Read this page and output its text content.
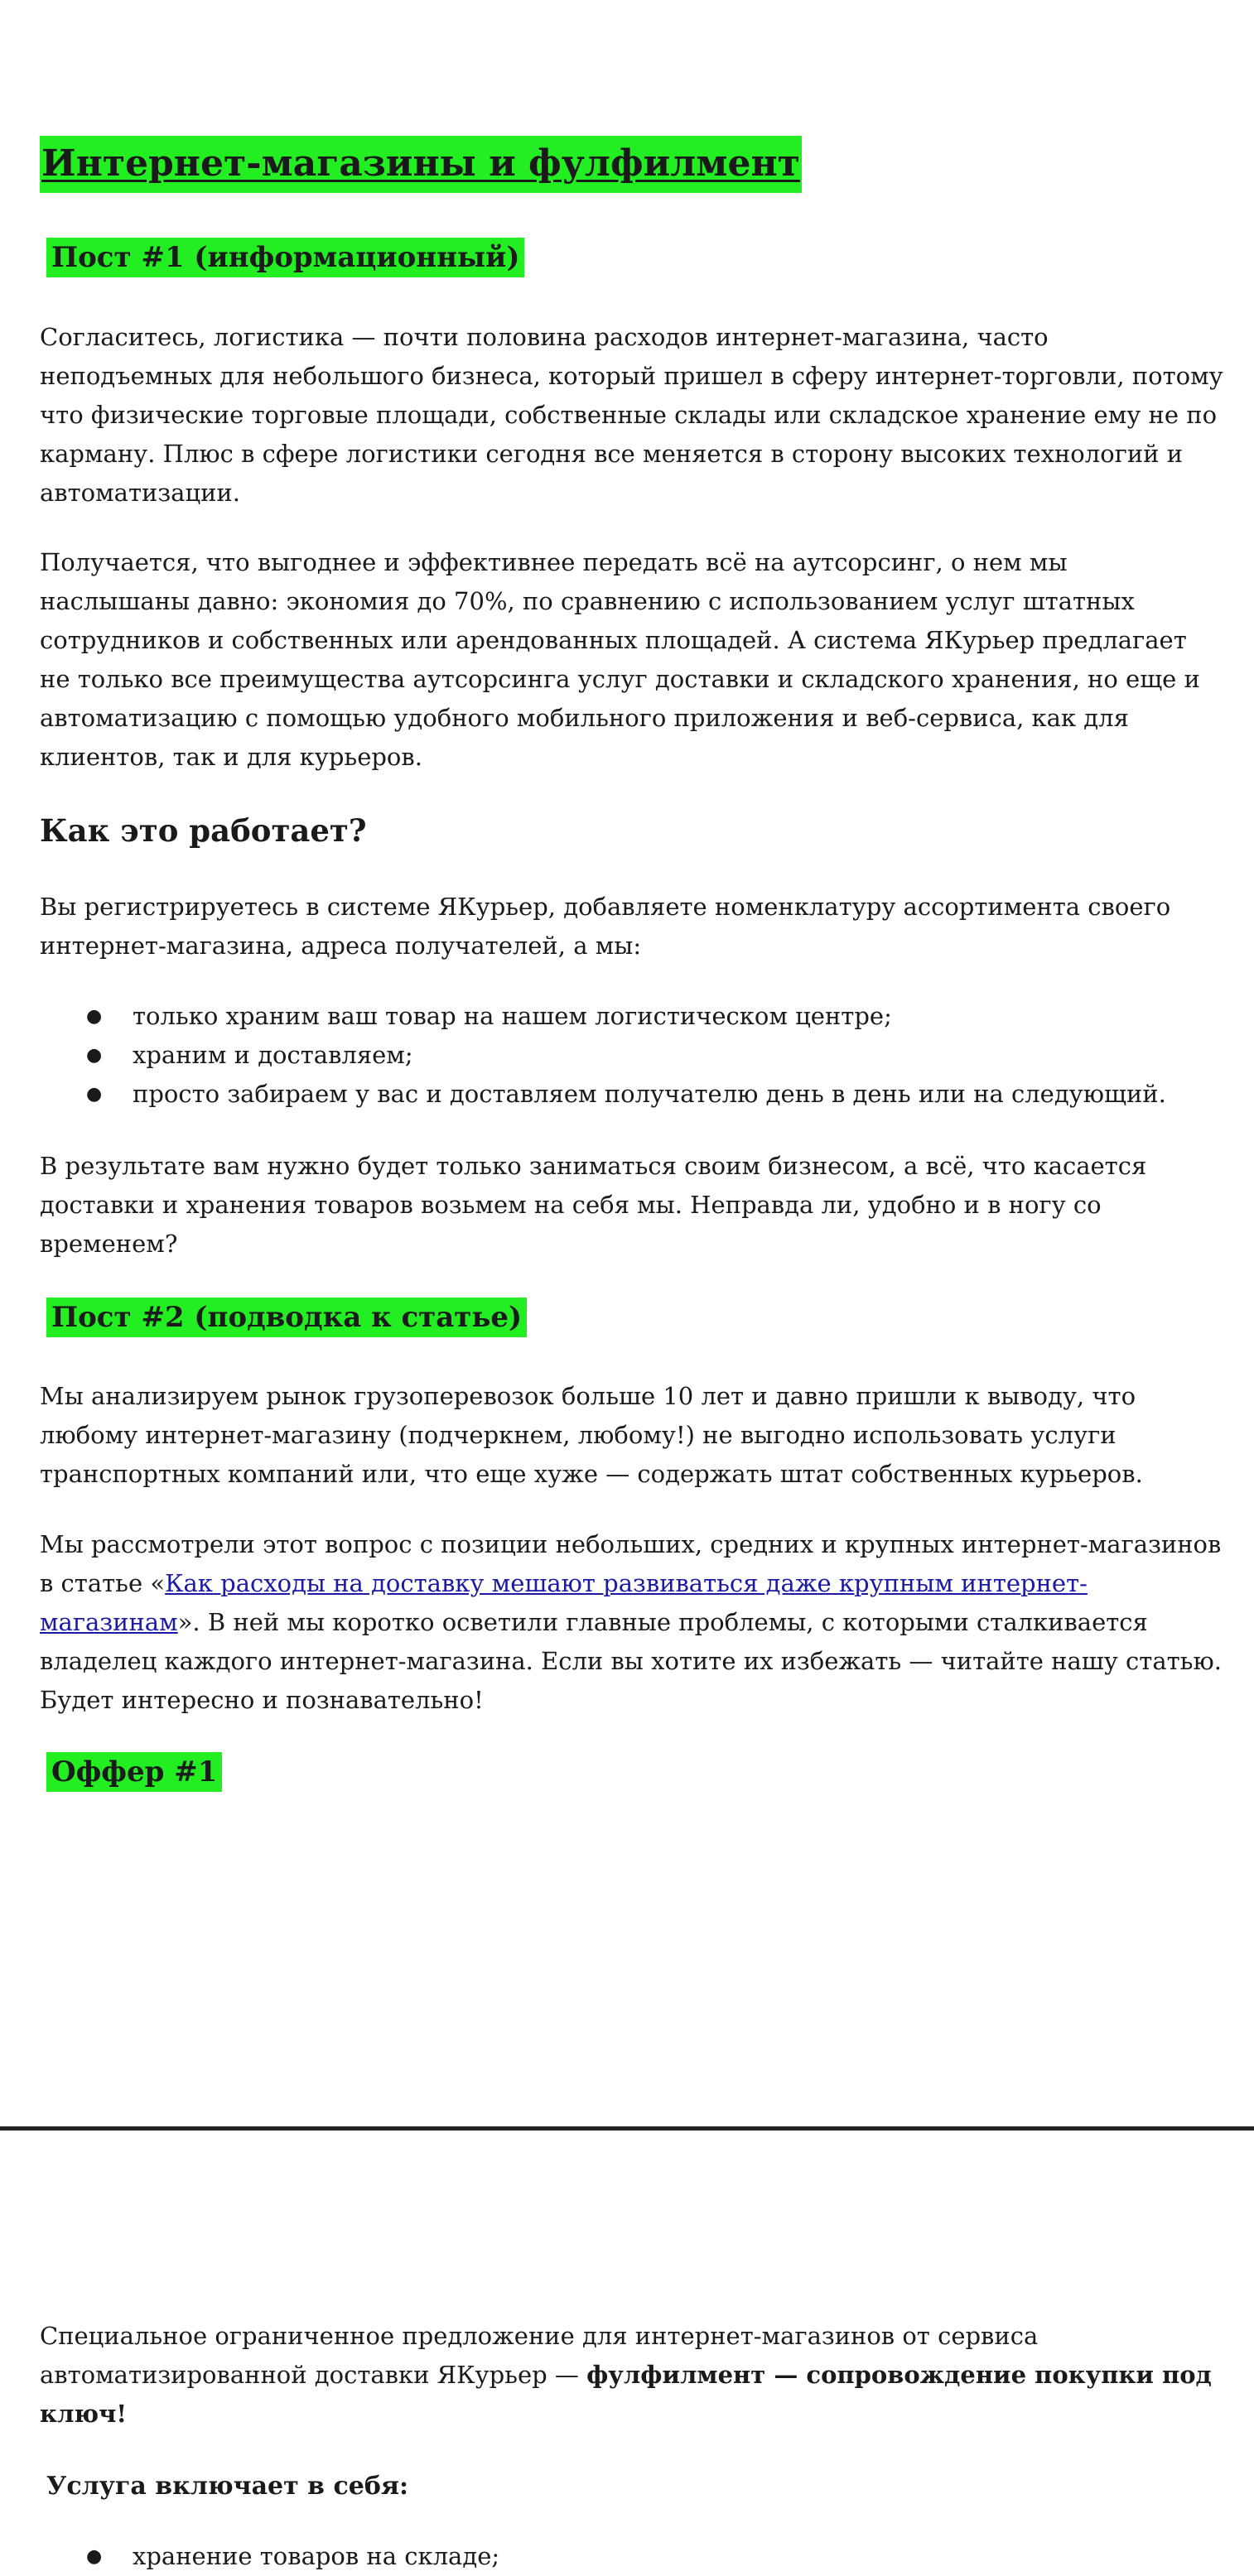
Интернет-магазины и фулфилмент
Пост #1 (информационный)

Согласитесь, логистика — почти половина расходов интернет-магазина, часто неподъемных для небольшого бизнеса, который пришел в сферу интернет-торговли, потому что физические торговые площади, собственные склады или складское хранение ему не по карману. Плюс в сфере логистики сегодня все меняется в сторону высоких технологий и автоматизации.

Получается, что выгоднее и эффективнее передать всё на аутсорсинг, о нем мы наслышаны давно: экономия до 70%, по сравнению с использованием услуг штатных сотрудников и собственных или арендованных площадей. А система ЯКурьер предлагает не только все преимущества аутсорсинга услуг доставки и складского хранения, но еще и автоматизацию с помощью удобного мобильного приложения и веб-сервиса, как для клиентов, так и для курьеров.

Как это работает?

Вы регистрируетесь в системе ЯКурьер, добавляете номенклатуру ассортимента своего интернет-магазина, адреса получателей, а мы:

● только храним ваш товар на нашем логистическом центре;
● храним и доставляем;
● просто забираем у вас и доставляем получателю день в день или на следующий.

В результате вам нужно будет только заниматься своим бизнесом, а всё, что касается доставки и хранения товаров возьмем на себя мы. Неправда ли, удобно и в ногу со временем?

Пост #2 (подводка к статье)

Мы анализируем рынок грузоперевозок больше 10 лет и давно пришли к выводу, что любому интернет-магазину (подчеркнем, любому!) не выгодно использовать услуги транспортных компаний или, что еще хуже — содержать штат собственных курьеров.

Мы рассмотрели этот вопрос с позиции небольших, средних и крупных интернет-магазинов в статье «Как расходы на доставку мешают развиваться даже крупным интернет-магазинам». В ней мы коротко осветили главные проблемы, с которыми сталкивается владелец каждого интернет-магазина. Если вы хотите их избежать — читайте нашу статью. Будет интересно и познавательно!

Оффер #1

Специальное ограниченное предложение для интернет-магазинов от сервиса автоматизированной доставки ЯКурьер — фулфилмент — сопровождение покупки под ключ!

Услуга включает в себя:

● хранение товаров на складе;
